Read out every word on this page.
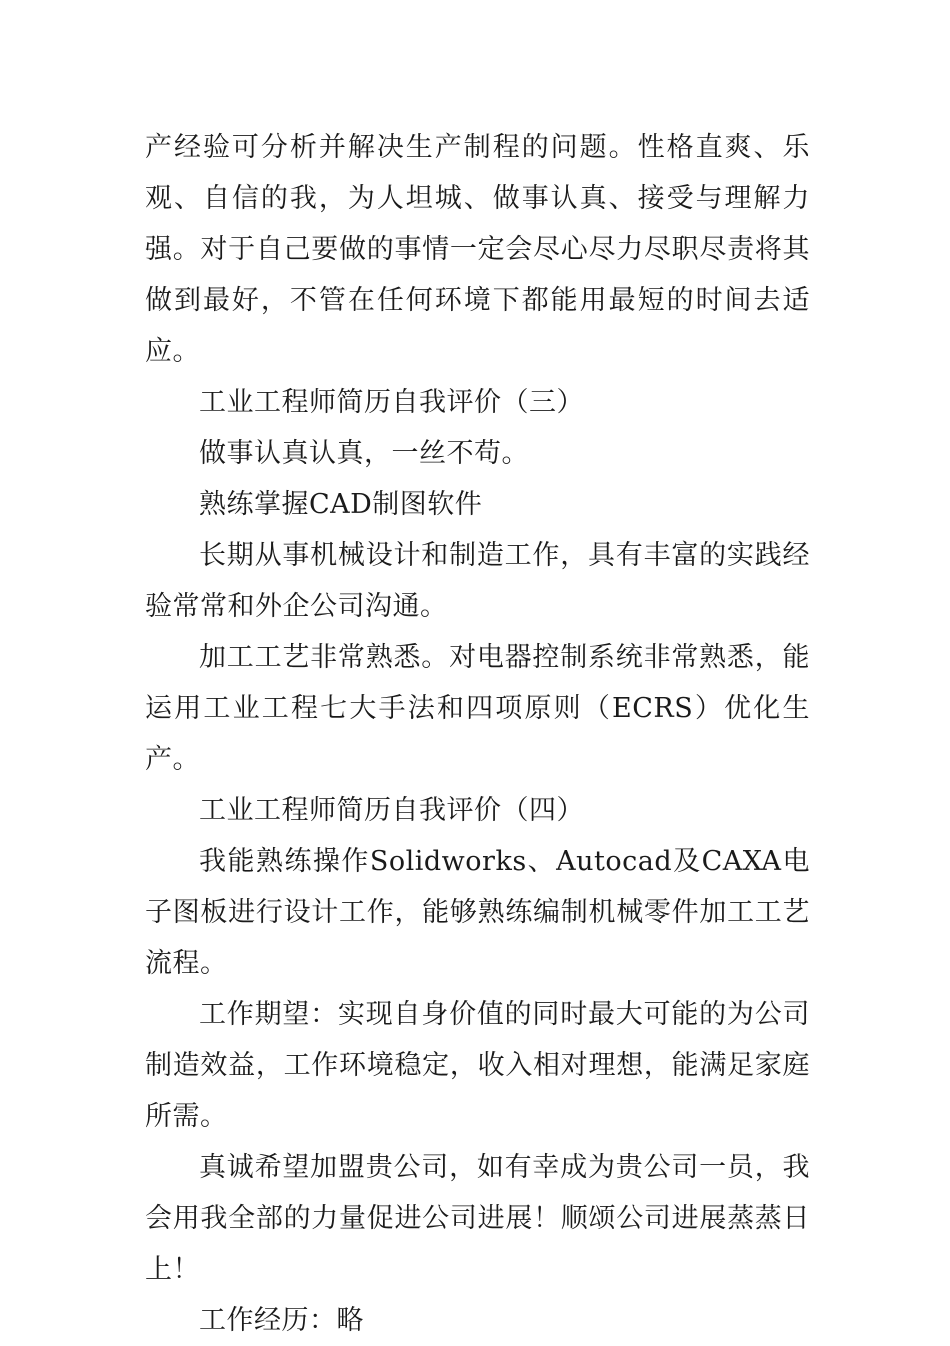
产经验可分析并解决生产制程的问题。性格直爽、乐观、自信的我，为人坦城、做事认真、接受与理解力强。对于自己要做的事情一定会尽心尽力尽职尽责将其做到最好，不管在任何环境下都能用最短的时间去适应。

工业工程师简历自我评价（三）

做事认真认真，一丝不苟。

熟练掌握CAD制图软件

长期从事机械设计和制造工作，具有丰富的实践经验常常和外企公司沟通。

加工工艺非常熟悉。对电器控制系统非常熟悉，能运用工业工程七大手法和四项原则（ECRS）优化生产。

工业工程师简历自我评价（四）

我能熟练操作Solidworks、Autocad及CAXA电子图板进行设计工作，能够熟练编制机械零件加工工艺流程。

工作期望：实现自身价值的同时最大可能的为公司制造效益，工作环境稳定，收入相对理想，能满足家庭所需。

真诚希望加盟贵公司，如有幸成为贵公司一员，我会用我全部的力量促进公司进展！顺颂公司进展蒸蒸日上！

工作经历：略
